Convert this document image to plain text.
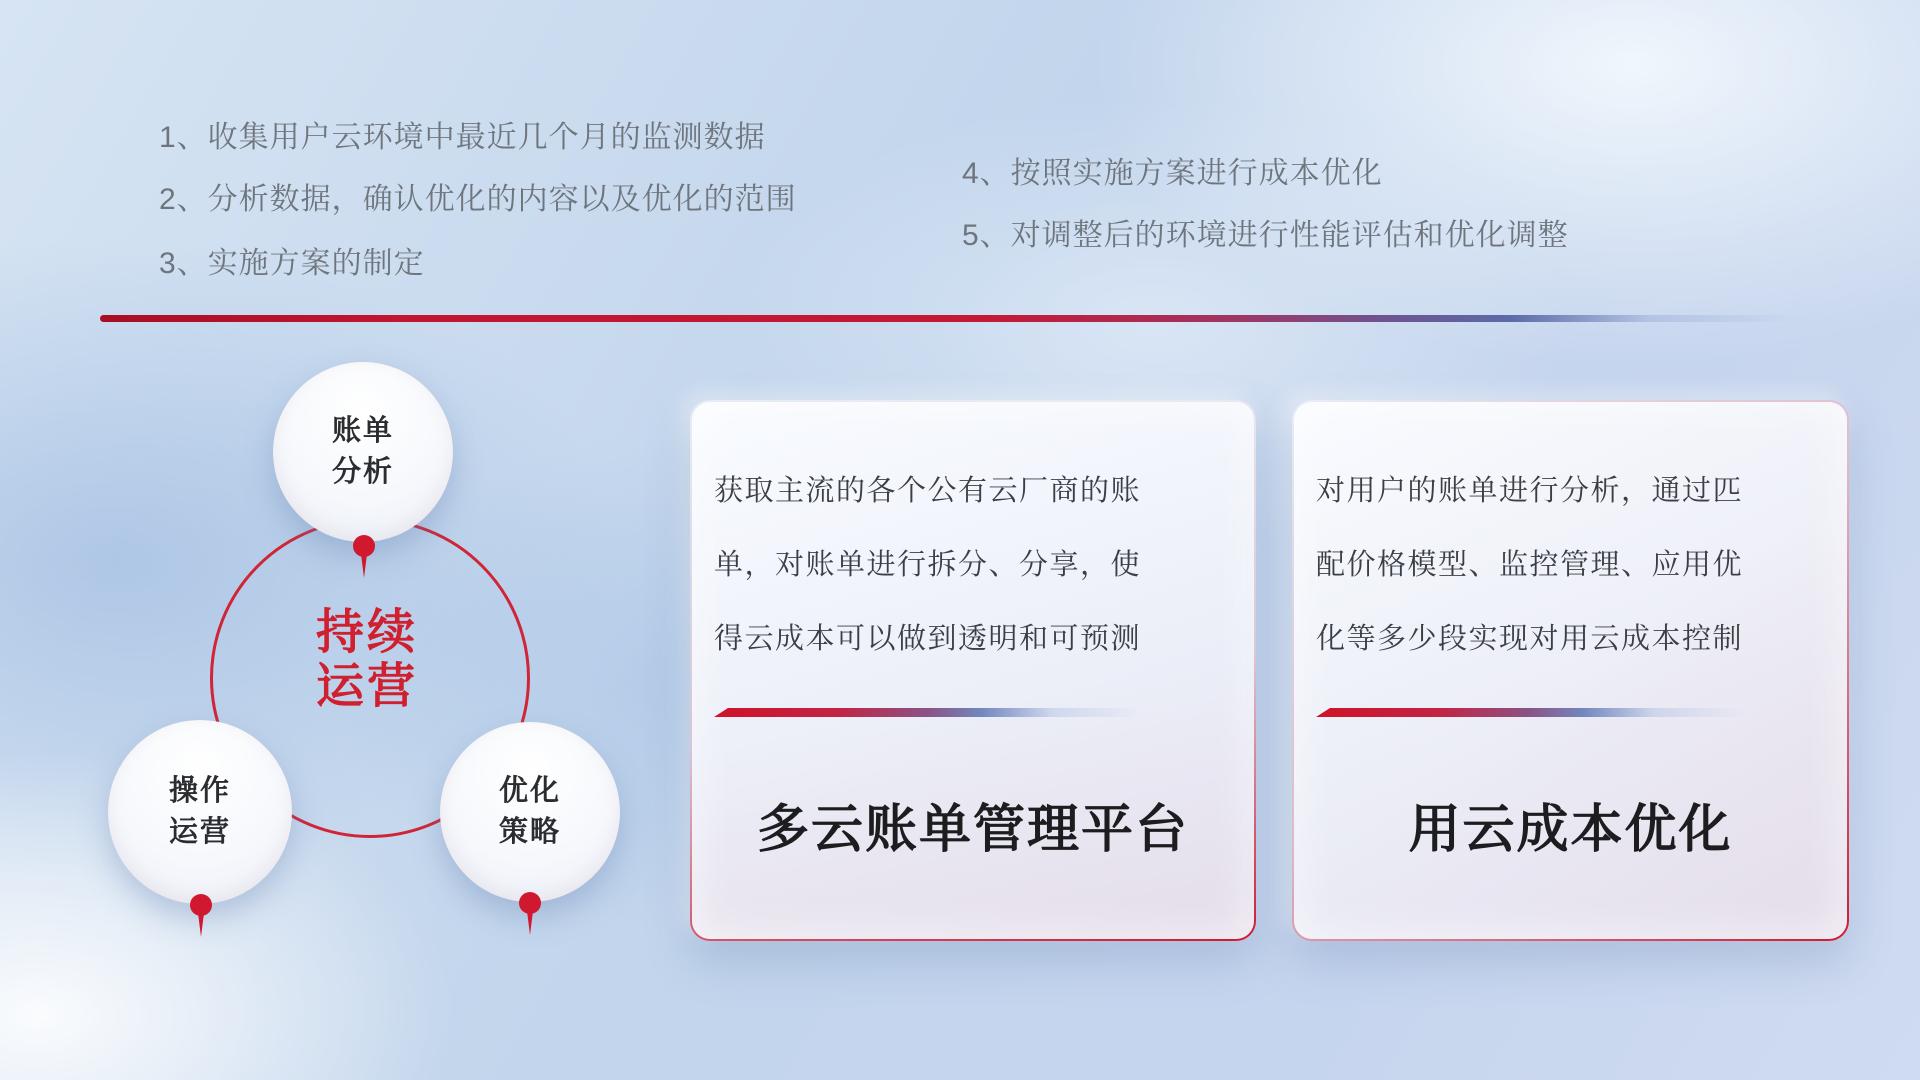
1、收集用户云环境中最近几个月的监测数据
2、分析数据，确认优化的内容以及优化的范围
3、实施方案的制定
4、按照实施方案进行成本优化
5、对调整后的环境进行性能评估和优化调整
持续
运营
账单
分析
操作
运营
优化
策略
获取主流的各个公有云厂商的账
单，对账单进行拆分、分享，使
得云成本可以做到透明和可预测
多云账单管理平台
对用户的账单进行分析，通过匹
配价格模型、监控管理、应用优
化等多少段实现对用云成本控制
用云成本优化
